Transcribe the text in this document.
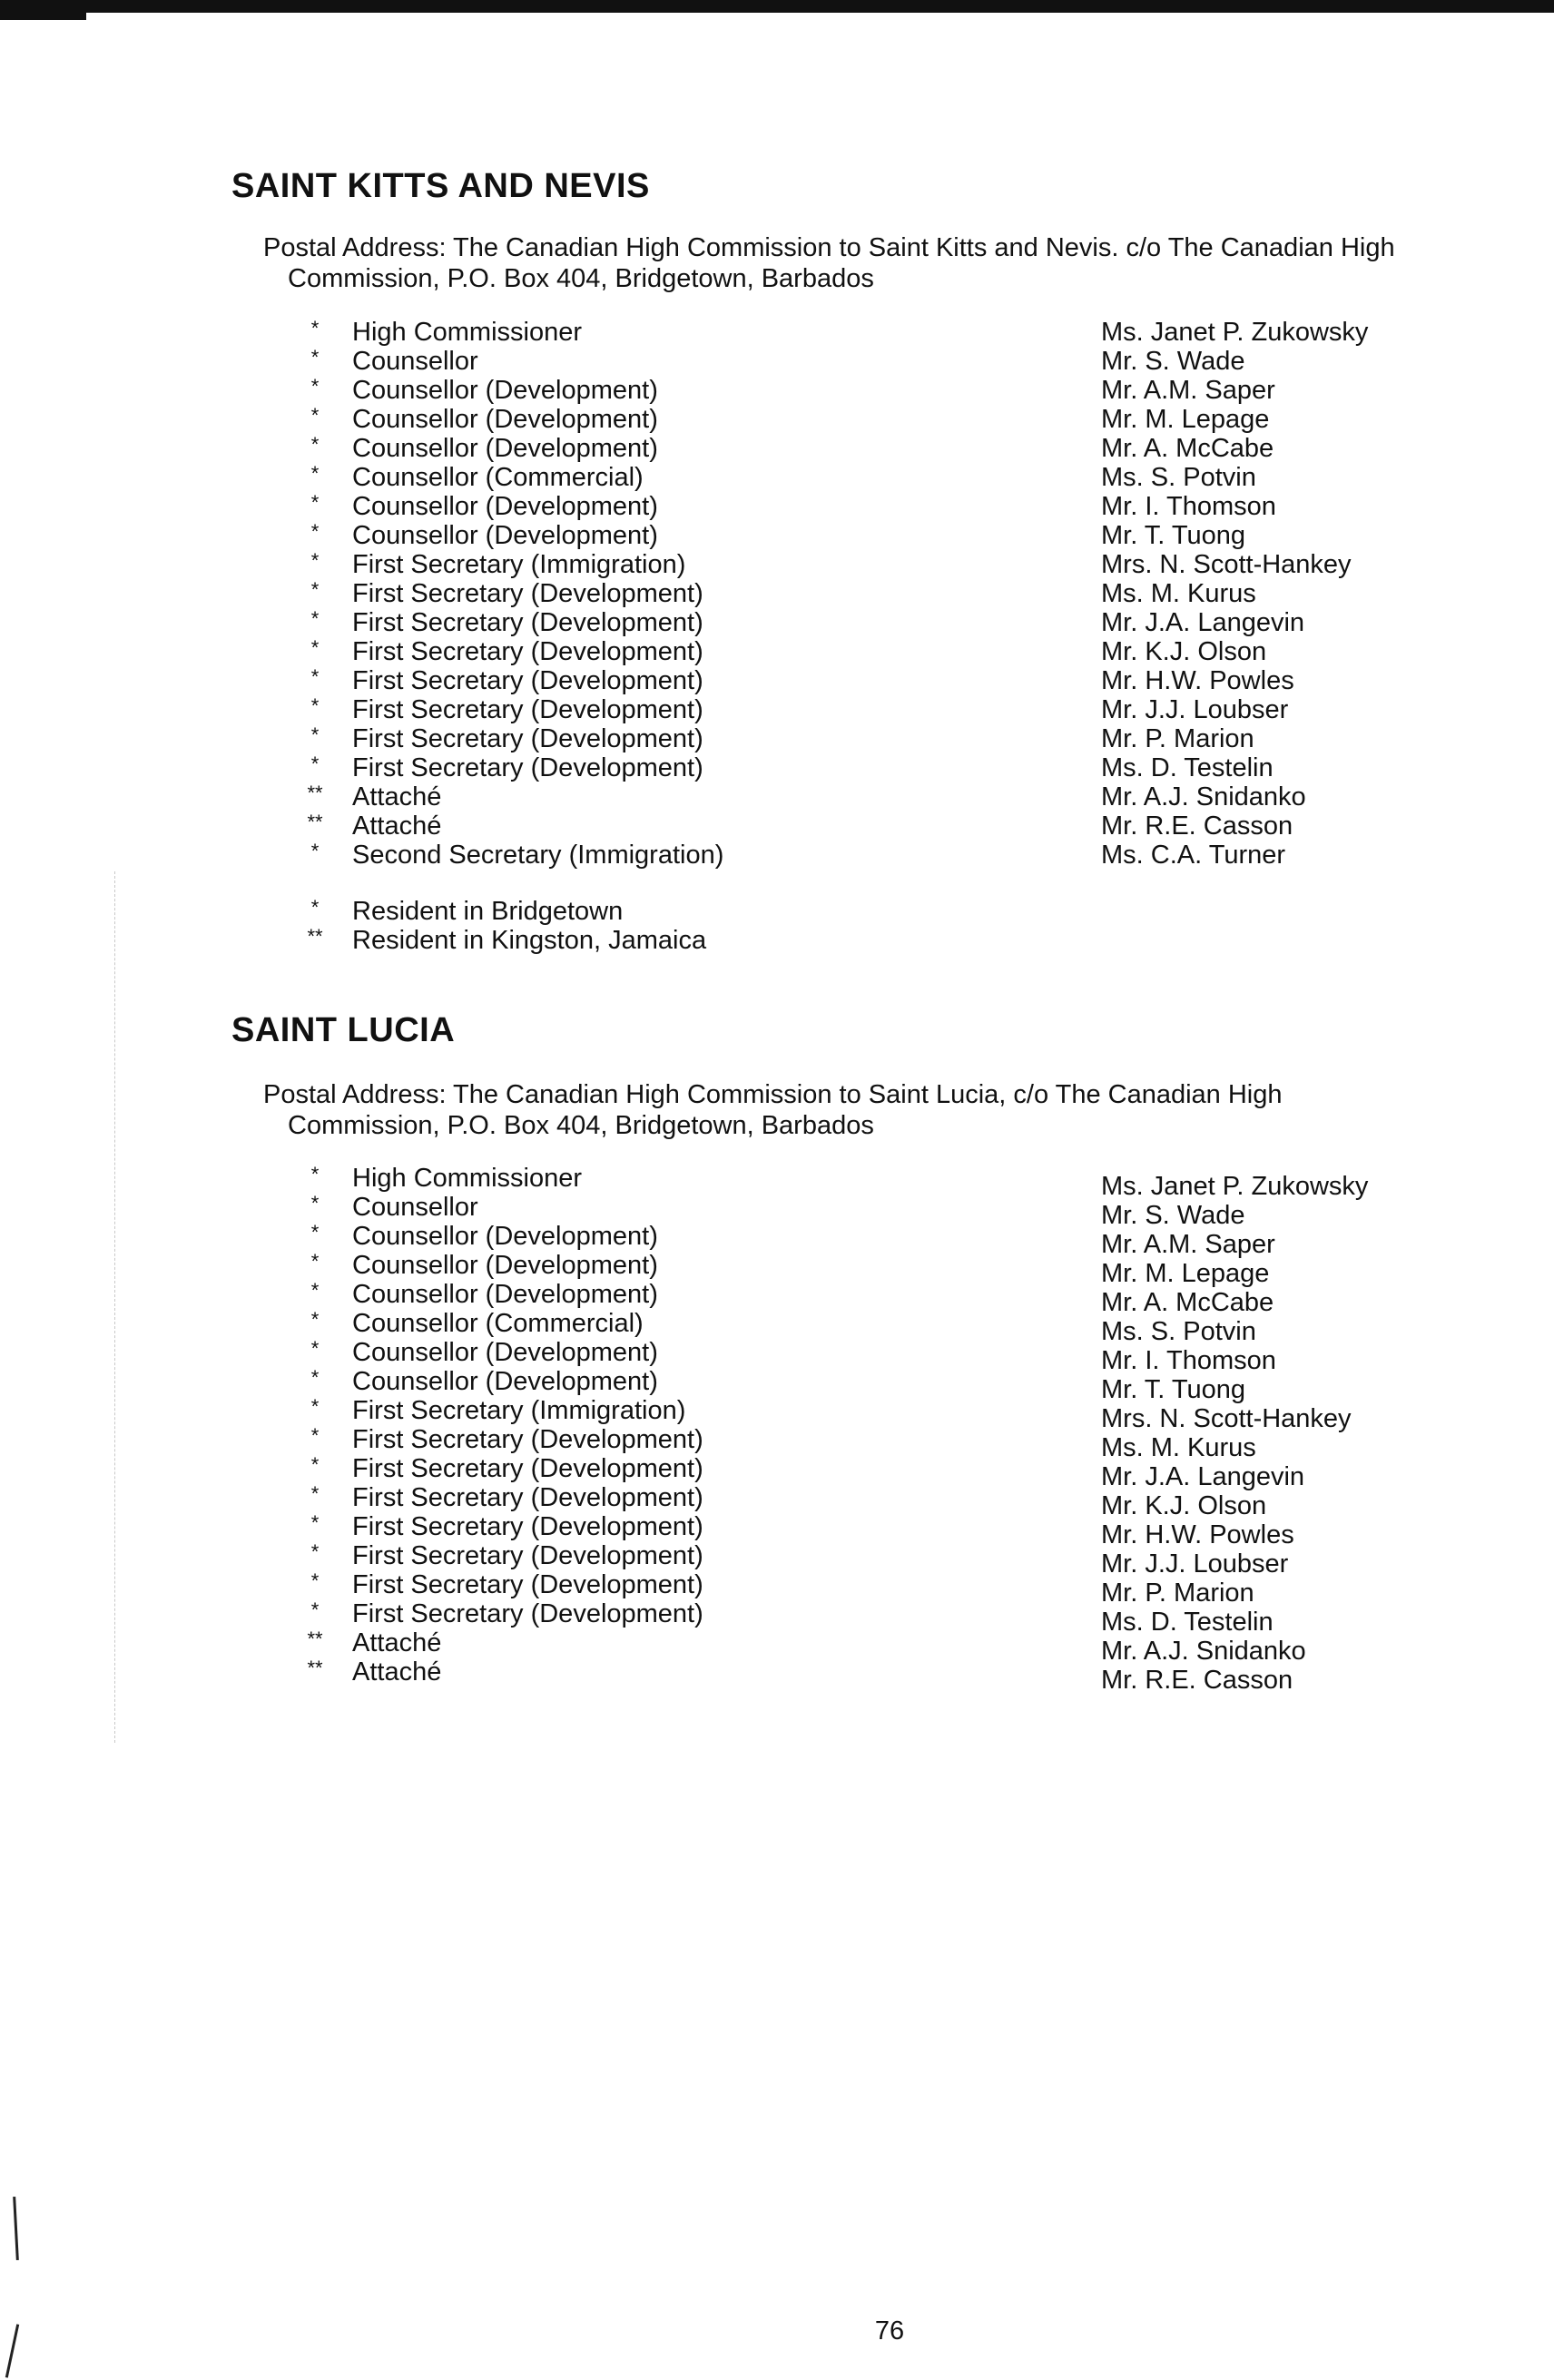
SAINT KITTS AND NEVIS

Postal Address: The Canadian High Commission to Saint Kitts and Nevis. c/o The Canadian High
Commission, P.O. Box 404, Bridgetown, Barbados

*	High Commissioner	Ms. Janet P. Zukowsky
*	Counsellor	Mr. S. Wade
*	Counsellor (Development)	Mr. A.M. Saper
*	Counsellor (Development)	Mr. M. Lepage
*	Counsellor (Development)	Mr. A. McCabe
*	Counsellor (Commercial)	Ms. S. Potvin
*	Counsellor (Development)	Mr. I. Thomson
*	Counsellor (Development)	Mr. T. Tuong
*	First Secretary (Immigration)	Mrs. N. Scott-Hankey
*	First Secretary (Development)	Ms. M. Kurus
*	First Secretary (Development)	Mr. J.A. Langevin
*	First Secretary (Development)	Mr. K.J. Olson
*	First Secretary (Development)	Mr. H.W. Powles
*	First Secretary (Development)	Mr. J.J. Loubser
*	First Secretary (Development)	Mr. P. Marion
*	First Secretary (Development)	Ms. D. Testelin
**	Attaché	Mr. A.J. Snidanko
**	Attaché	Mr. R.E. Casson
*	Second Secretary (Immigration)	Ms. C.A. Turner
*	Resident in Bridgetown
**	Resident in Kingston, Jamaica
SAINT LUCIA

Postal Address: The Canadian High Commission to Saint Lucia, c/o The Canadian High
Commission, P.O. Box 404, Bridgetown, Barbados

*	High Commissioner	Ms. Janet P. Zukowsky
*	Counsellor	Mr. S. Wade
*	Counsellor (Development)	Mr. A.M. Saper
*	Counsellor (Development)	Mr. M. Lepage
*	Counsellor (Development)	Mr. A. McCabe
*	Counsellor (Commercial)	Ms. S. Potvin
*	Counsellor (Development)	Mr. I. Thomson
*	Counsellor (Development)	Mr. T. Tuong
*	First Secretary (Immigration)	Mrs. N. Scott-Hankey
*	First Secretary (Development)	Ms. M. Kurus
*	First Secretary (Development)	Mr. J.A. Langevin
*	First Secretary (Development)	Mr. K.J. Olson
*	First Secretary (Development)	Mr. H.W. Powles
*	First Secretary (Development)	Mr. J.J. Loubser
*	First Secretary (Development)	Mr. P. Marion
*	First Secretary (Development)	Ms. D. Testelin
**	Attaché	Mr. A.J. Snidanko
**	Attaché	Mr. R.E. Casson
76
